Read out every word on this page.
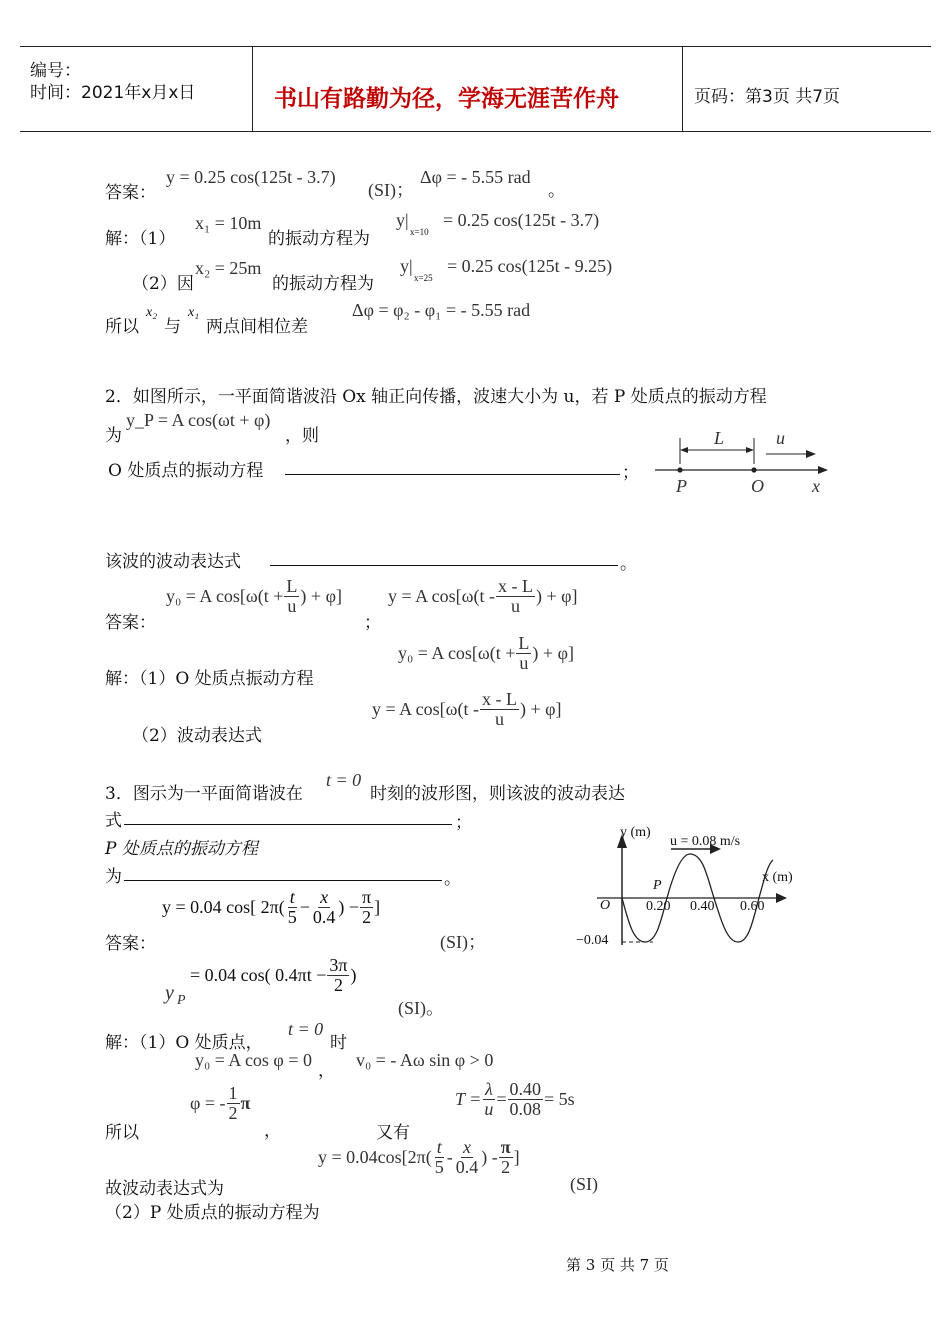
编号：
时间：2021年x月x日	书山有路勤为径，学海无涯苦作舟	页码：第3页 共7页
答案：
y = 0.25 cos(125t - 3.7)
(SI)；
Δφ = - 5.55 rad
。
解：（1）
x₁ = 10m
的振动方程为
y|
x=10
= 0.25 cos(125t - 3.7)
（2）因
x₂ = 25m
的振动方程为
y|
x=25
= 0.25 cos(125t - 9.25)
所以
x₂
与
x₁
两点间相位差
Δφ = φ₂ - φ₁ = - 5.55 rad
2．如图所示，一平面简谐波沿 Ox 轴正向传播，波速大小为 u，若 P 处质点的振动方程
为
y_P = A cos(ωt + φ)
，则
O 处质点的振动方程	；
L	u
P	O	x
该波的波动表达式	。
答案：
y₀ = A $\cos[\omega(t + \frac{L}{u}$ ) + φ]
；
y = A $\cos[\omega(t - \frac{x - L}{u}$ ) + φ]
解：（1）O 处质点振动方程
y₀ = A $\cos[\omega(t + \frac{L}{u}$ ) + φ]
（2）波动表达式
y = A $\cos[\omega(t - \frac{x - L}{u}$ ) + φ]
3．图示为一平面简谐波在
t = 0
时刻的波形图，则该波的波动表达
式	；
P 处质点的振动方程
为	。
y (m)
u = 0.08 m/s
x (m)
P
O	0.20 0.40 0.60
−0.04
答案：
y = 0.04 cos[ $2\pi( \frac{t}{5} - \frac{x}{0.4}$ ) − $\frac{\pi}{2}$ ]
(SI)；
y P
= 0.04 cos( $0.4\pi t - \frac{3\pi}{2}$ )
(SI)。
解：（1）O 处质点，
t = 0
时
y₀ = A cos φ = 0
，
v₀ = - Aω sin φ > 0
所以
φ = - $\frac{1}{2}$ π
，	又有
$T = \frac{\lambda}{u} = \frac{0.40}{0.08} = 5s$
故波动表达式为
$y = 0.04\cos[2\pi( \frac{t}{5} - \frac{x}{0.4}$ ) - $\frac{\pi}{2}$ ]
(SI)
（2）P 处质点的振动方程为
第 3 页 共 7 页
